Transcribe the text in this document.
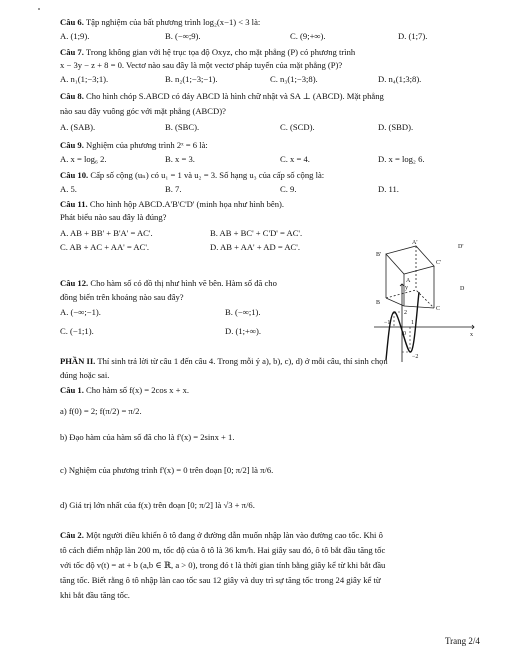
Câu 6. Tập nghiệm của bất phương trình log₂(x−1) < 3 là:
A. (1;9).	B. (−∞;9).	C. (9;+∞).	D. (1;7).
Câu 7. Trong không gian với hệ trục tọa độ Oxyz, cho mặt phẳng (P) có phương trình
x − 3y − z + 8 = 0. Vectơ nào sau đây là một vectơ pháp tuyến của mặt phẳng (P)?
A. n₁(1;−3;1).	B. n₂(1;−3;−1).	C. n₃(1;−3;8).	D. n₄(1;3;8).
Câu 8. Cho hình chóp S.ABCD có đáy ABCD là hình chữ nhật và SA ⊥ (ABCD). Mặt phẳng
nào sau đây vuông góc với mặt phẳng (ABCD)?
A. (SAB).	B. (SBC).	C. (SCD).	D. (SBD).
Câu 9. Nghiệm của phương trình 2ˣ = 6 là:
A. x = log₆ 2.	B. x = 3.	C. x = 4.	D. x = log₂ 6.
Câu 10. Cấp số cộng (uₙ) có u₁ = 1 và u₂ = 3. Số hạng u₃ của cấp số cộng là:
A. 5.	B. 7.	C. 9.	D. 11.
Câu 11. Cho hình hộp ABCD.A'B'C'D' (minh họa như hình bên).
Phát biểu nào sau đây là đúng?
A. AB + BB' + B'A' = AC'.	B. AB + BC' + C'D' = AC'.
C. AB + AC + AA' = AC'.	D. AB + AA' + AD = AC'.	A'
D'
B'
C'
A
D
B
C
Câu 12. Cho hàm số có đồ thị như hình vẽ bên. Hàm số đã cho
đồng biến trên khoảng nào sau đây?
A. (−∞;−1).	B. (−∞;1).
C. (−1;1).	D. (1;+∞).
y
x
0
2
−1	1
−2
PHẦN II. Thí sinh trả lời từ câu 1 đến câu 4. Trong mỗi ý a), b), c), d) ở mỗi câu, thí sinh chọn
đúng hoặc sai.
Câu 1. Cho hàm số f(x) = 2cos x + x.
a) f(0) = 2; f(π/2) = π/2.
b) Đạo hàm của hàm số đã cho là f'(x) = 2sinx + 1.
c) Nghiệm của phương trình f'(x) = 0 trên đoạn [0; π/2] là π/6.
d) Giá trị lớn nhất của f(x) trên đoạn [0; π/2] là √3 + π/6.
Câu 2. Một người điều khiển ô tô đang ở đường dẫn muốn nhập làn vào đường cao tốc. Khi ô
tô cách điểm nhập làn 200 m, tốc độ của ô tô là 36 km/h. Hai giây sau đó, ô tô bắt đầu tăng tốc
với tốc độ v(t) = at + b (a,b ∈ ℝ, a > 0), trong đó t là thời gian tính bằng giây kể từ khi bắt đầu
tăng tốc. Biết rằng ô tô nhập làn cao tốc sau 12 giây và duy trì sự tăng tốc trong 24 giây kể từ
khi bắt đầu tăng tốc.
Trang 2/4
